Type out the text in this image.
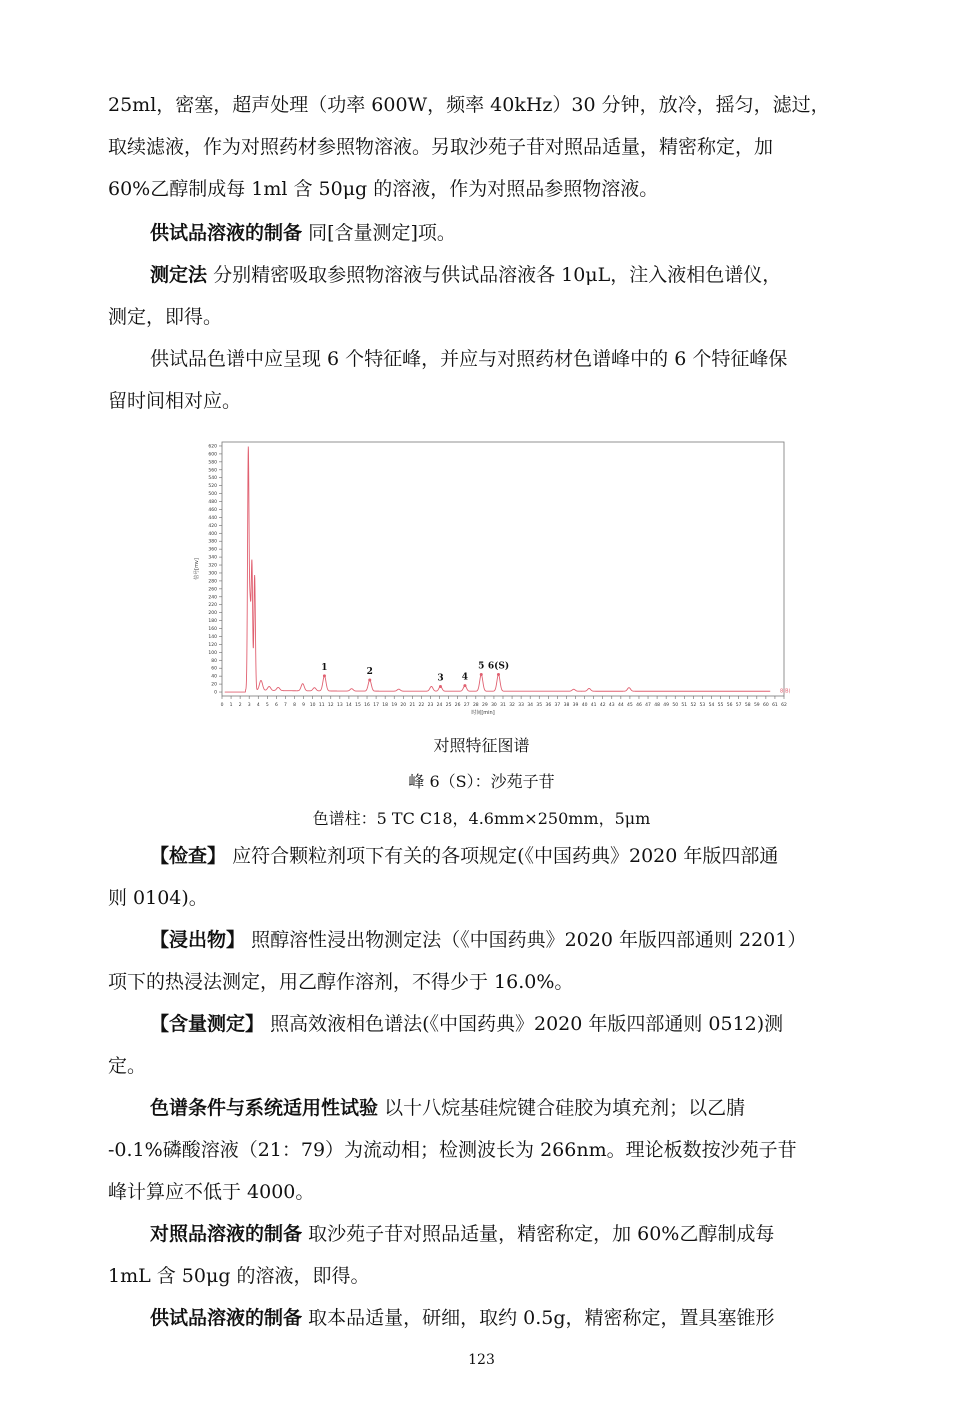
25ml，密塞，超声处理（功率 600W，频率 40kHz）30 分钟，放冷，摇匀，滤过，
取续滤液，作为对照药材参照物溶液。另取沙苑子苷对照品适量，精密称定，加
60%乙醇制成每 1ml 含 50μg 的溶液，作为对照品参照物溶液。
供试品溶液的制备 同[含量测定]项。
测定法 分别精密吸取参照物溶液与供试品溶液各 10μL，注入液相色谱仪，
测定，即得。
供试品色谱中应呈现 6 个特征峰，并应与对照药材色谱峰中的 6 个特征峰保
留时间相对应。
0
20
40
60
80
100
120
140
160
180
200
220
240
260
280
300
320
340
360
380
400
420
440
460
480
500
520
540
560
580
600
620
0 1 2 3 4 5 6 7 8 9 10 11 12 13 14 15 16 17 18 19 20 21 22 23 24 25 26 27 28 29 30 31 32 33 34 35 36 37 38 39 40 41 42 43 44 45 46 47 48 49 50 51 52 53 54 55 56 57 58 59 60 61 62
信号[mv]
时间[min]
1	2
3 4
5 6(S)
8(B)
对照特征图谱
峰 6（S）：沙苑子苷
色谱柱：5 TC C18，4.6mm×250mm，5μm
【检查】 应符合颗粒剂项下有关的各项规定(《中国药典》2020 年版四部通
则 0104)。
【浸出物】 照醇溶性浸出物测定法（《中国药典》2020 年版四部通则 2201）
项下的热浸法测定，用乙醇作溶剂，不得少于 16.0%。
【含量测定】 照高效液相色谱法(《中国药典》2020 年版四部通则 0512)测
定。
色谱条件与系统适用性试验 以十八烷基硅烷键合硅胶为填充剂；以乙腈
-0.1%磷酸溶液（21：79）为流动相；检测波长为 266nm。理论板数按沙苑子苷
峰计算应不低于 4000。
对照品溶液的制备 取沙苑子苷对照品适量，精密称定，加 60%乙醇制成每
1mL 含 50μg 的溶液，即得。
供试品溶液的制备 取本品适量，研细，取约 0.5g，精密称定，置具塞锥形
123
